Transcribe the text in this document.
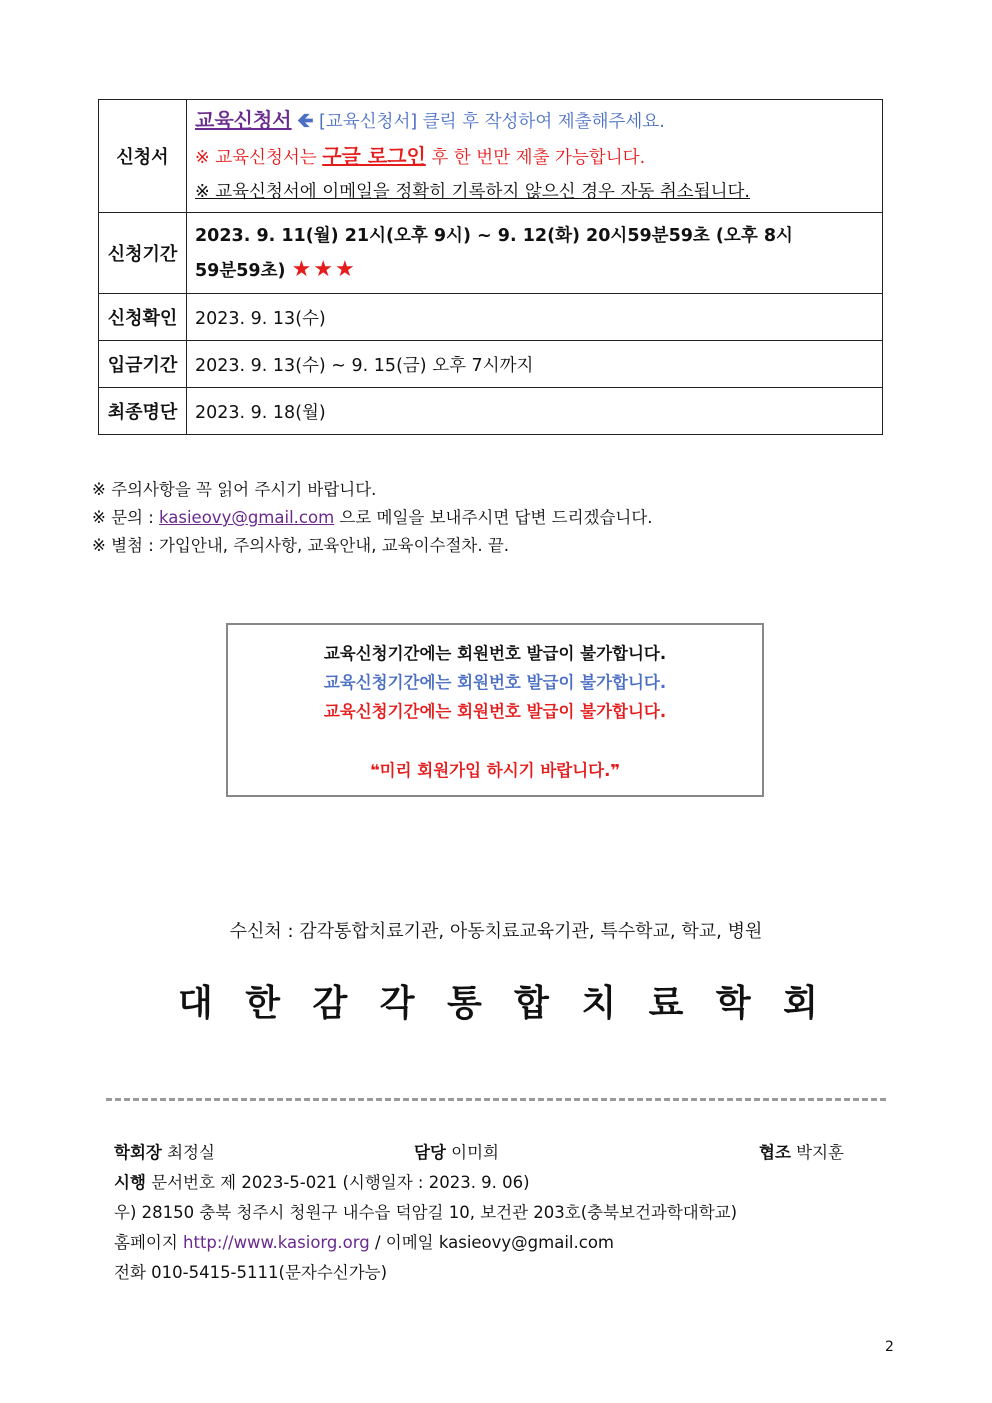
신청서	교육신청서 🡸 [교육신청서] 클릭 후 작성하여 제출해주세요.
※ 교육신청서는 구글 로그인 후 한 번만 제출 가능합니다.
※ 교육신청서에 이메일을 정확히 기록하지 않으신 경우 자동 취소됩니다.

신청기간	2023. 9. 11(월) 21시(오후 9시) ~ 9. 12(화) 20시59분59초 (오후 8시
59분59초) ★★★

신청확인	2023. 9. 13(수)
입금기간	2023. 9. 13(수) ~ 9. 15(금) 오후 7시까지
최종명단	2023. 9. 18(월)
※ 주의사항을 꼭 읽어 주시기 바랍니다.
※ 문의 : kasieovy@gmail.com 으로 메일을 보내주시면 답변 드리겠습니다.
※ 별첨 : 가입안내, 주의사항, 교육안내, 교육이수절차. 끝.
교육신청기간에는 회원번호 발급이 불가합니다.
교육신청기간에는 회원번호 발급이 불가합니다.
교육신청기간에는 회원번호 발급이 불가합니다.
❝미리 회원가입 하시기 바랍니다.❞
수신처 : 감각통합치료기관, 아동치료교육기관, 특수학교, 학교, 병원
대 한 감 각 통 합 치 료 학 회
학회장 최정실	담당 이미희	협조 박지훈
시행 문서번호 제 2023-5-021 (시행일자 : 2023. 9. 06)
우) 28150 충북 청주시 청원구 내수읍 덕암길 10, 보건관 203호(충북보건과학대학교)
홈페이지 http://www.kasiorg.org / 이메일 kasieovy@gmail.com
전화 010-5415-5111(문자수신가능)
2
